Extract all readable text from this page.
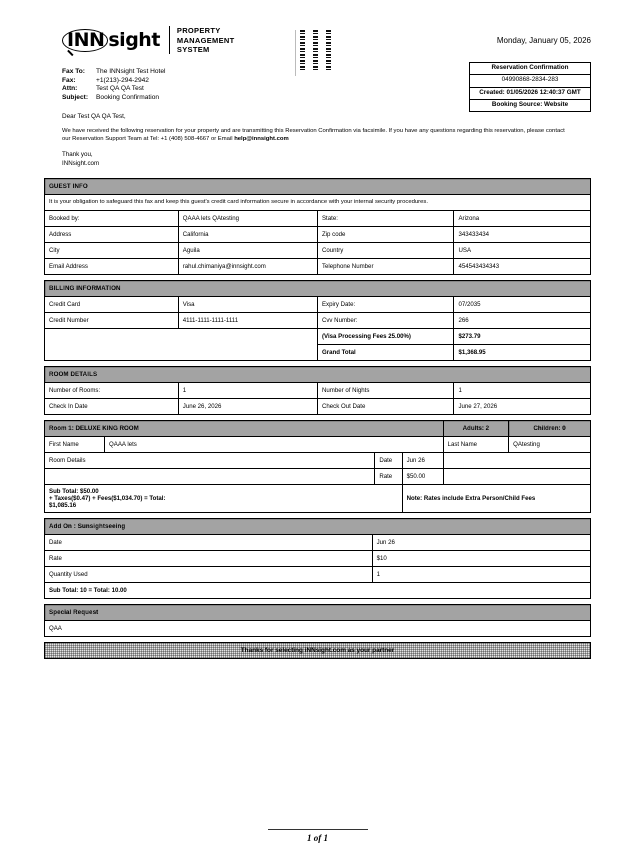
INN sight PROPERTY
MANAGEMENT
SYSTEM
Monday, January 05, 2026
Reservation Confirmation
04990868-2834-283
Created: 01/05/2026 12:40:37 GMT
Booking Source: Website
Fax To:	The INNsight Test Hotel
Fax:	+1(213)-294-2942
Attn:	Test QA QA Test
Subject:	Booking Confirmation
Dear Test QA QA Test,
We have received the following reservation for your property and are transmitting this Reservation Confirmation via facsimile. If you have any questions regarding this reservation, please contact our Reservation Support Team at Tel: +1 (408) 508-4667 or Email help@innsight.com
Thank you,
INNsight.com
GUEST INFO			
It is your obligation to safeguard this fax and keep this guest's credit card information secure in accordance with your internal security procedures.			
Booked by:	QAAA lets QAtesting	State:	Arizona
Address	California	Zip code	343433434
City	Aguila	Country	USA
Email Address	rahul.chimaniya@innsight.com	Telephone Number	454543434343
BILLING INFORMATION			
Credit Card	Visa	Expiry Date:	07/2035
Credit Number	4111-1111-1111-1111	Cvv Number:	266
		(Visa Processing Fees 25.00%)	$273.79
		Grand Total	$1,368.95
ROOM DETAILS			
Number of Rooms:	1	Number of Nights	1
Check In Date	June 26, 2026	Check Out Date	June 27, 2026
Room 1: DELUXE KING ROOM				Adults: 2	Children: 0
First Name	QAAA lets			Last Name	QAtesting
Room Details		Date	Jun 26		
		Rate	$50.00		

Sub Total: $50.00
+ Taxes($0.47) + Fees($1,034.70) = Total:
$1,085.16			Note: Rates include Extra Person/Child Fees		
Add On : Sunsightseeing	
Date	Jun 26
Rate	$10
Quantity Used	1
Sub Total: 10 = Total: 10.00	
Special Request
QAA
Thanks for selecting iNNsight.com as your partner
1 of 1
